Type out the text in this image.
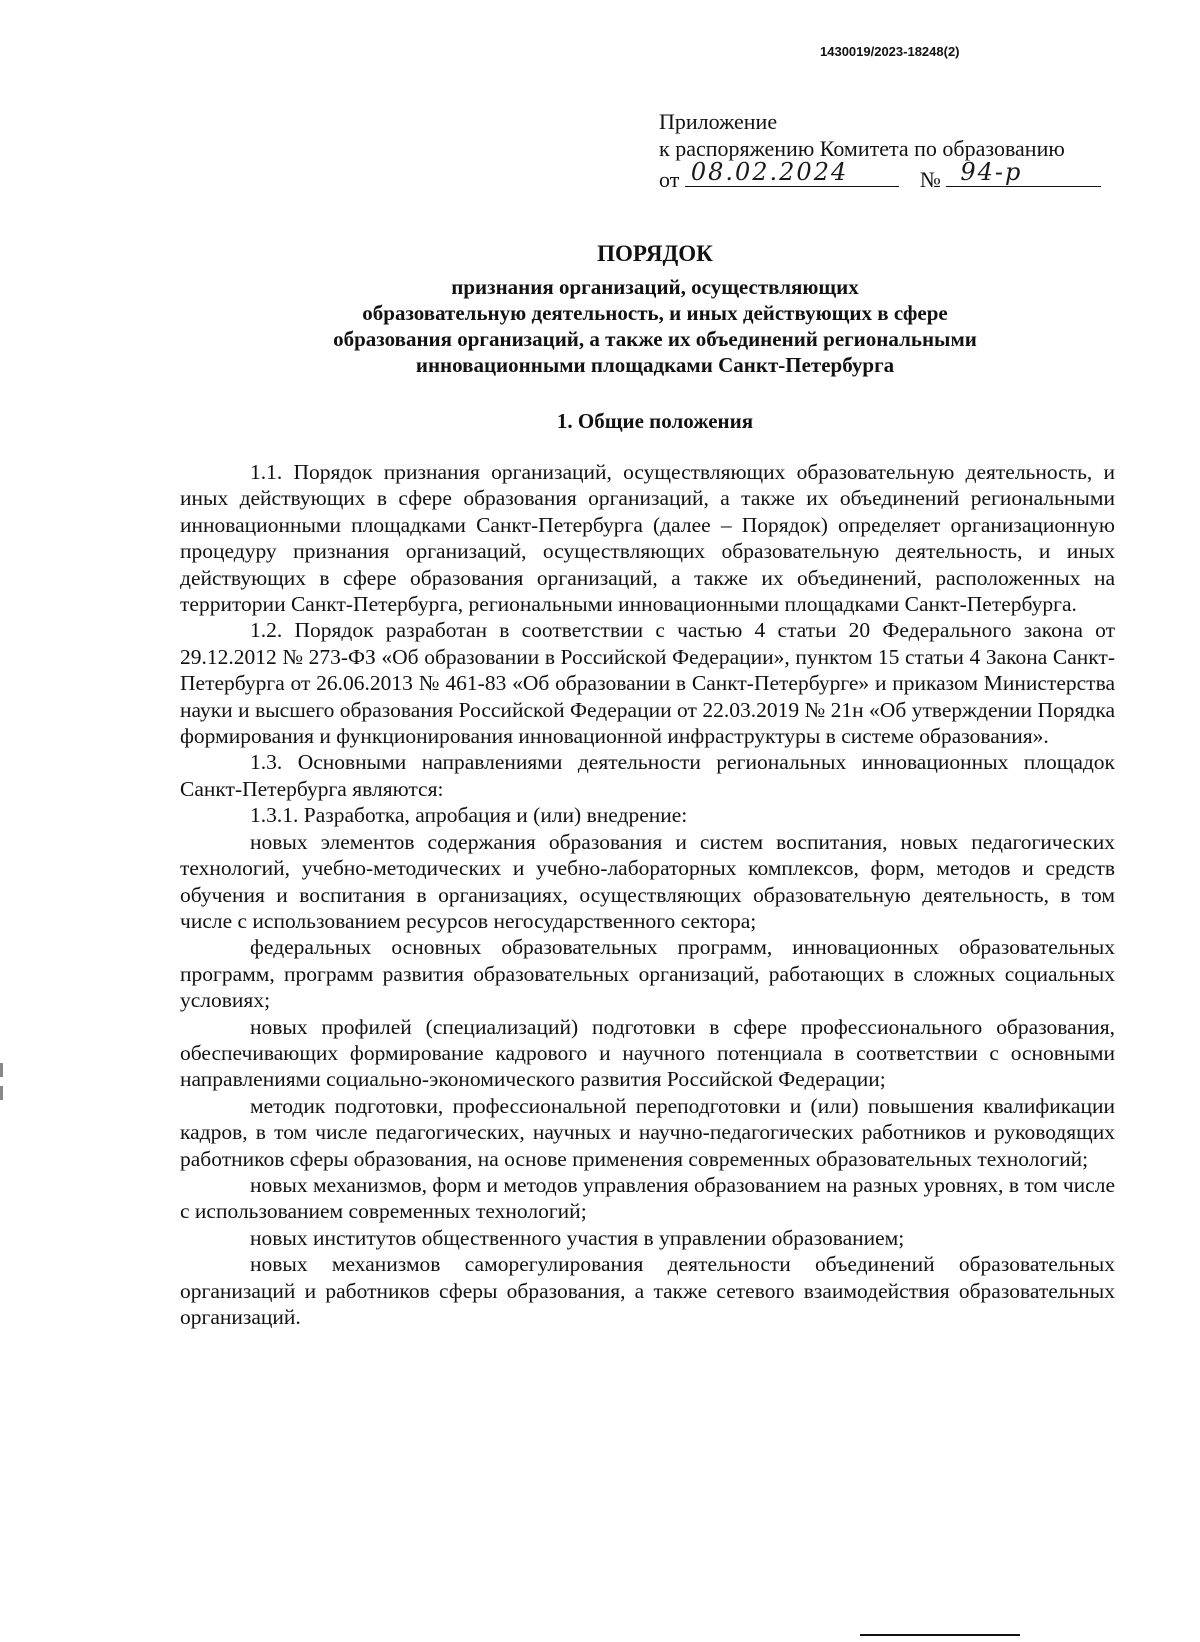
1430019/2023-18248(2)
Приложение
к распоряжению Комитета по образованию
от 08.02.2024	№ 94-р
ПОРЯДОК
признания организаций, осуществляющих
образовательную деятельность, и иных действующих в сфере
образования организаций, а также их объединений региональными
инновационными площадками Санкт-Петербурга
1. Общие положения

1.1. Порядок признания организаций, осуществляющих образовательную деятельность, и иных действующих в сфере образования организаций, а также их объединений региональными инновационными площадками Санкт-Петербурга (далее – Порядок) определяет организационную процедуру признания организаций, осуществляющих образовательную деятельность, и иных действующих в сфере образования организаций, а также их объединений, расположенных на территории Санкт-Петербурга, региональными инновационными площадками Санкт-Петербурга.

1.2. Порядок разработан в соответствии с частью 4 статьи 20 Федерального закона от 29.12.2012 № 273-ФЗ «Об образовании в Российской Федерации», пунктом 15 статьи 4 Закона Санкт-Петербурга от 26.06.2013 № 461-83 «Об образовании в Санкт-Петербурге» и приказом Министерства науки и высшего образования Российской Федерации от 22.03.2019 № 21н «Об утверждении Порядка формирования и функционирования инновационной инфраструктуры в системе образования».

1.3. Основными направлениями деятельности региональных инновационных площадок Санкт-Петербурга являются:

1.3.1. Разработка, апробация и (или) внедрение:

новых элементов содержания образования и систем воспитания, новых педагогических технологий, учебно-методических и учебно-лабораторных комплексов, форм, методов и средств обучения и воспитания в организациях, осуществляющих образовательную деятельность, в том числе с использованием ресурсов негосударственного сектора;

федеральных основных образовательных программ, инновационных образовательных программ, программ развития образовательных организаций, работающих в сложных социальных условиях;

новых профилей (специализаций) подготовки в сфере профессионального образования, обеспечивающих формирование кадрового и научного потенциала в соответствии с основными направлениями социально-экономического развития Российской Федерации;

методик подготовки, профессиональной переподготовки и (или) повышения квалификации кадров, в том числе педагогических, научных и научно-педагогических работников и руководящих работников сферы образования, на основе применения современных образовательных технологий;

новых механизмов, форм и методов управления образованием на разных уровнях, в том числе с использованием современных технологий;

новых институтов общественного участия в управлении образованием;

новых механизмов саморегулирования деятельности объединений образовательных организаций и работников сферы образования, а также сетевого взаимодействия образовательных организаций.
